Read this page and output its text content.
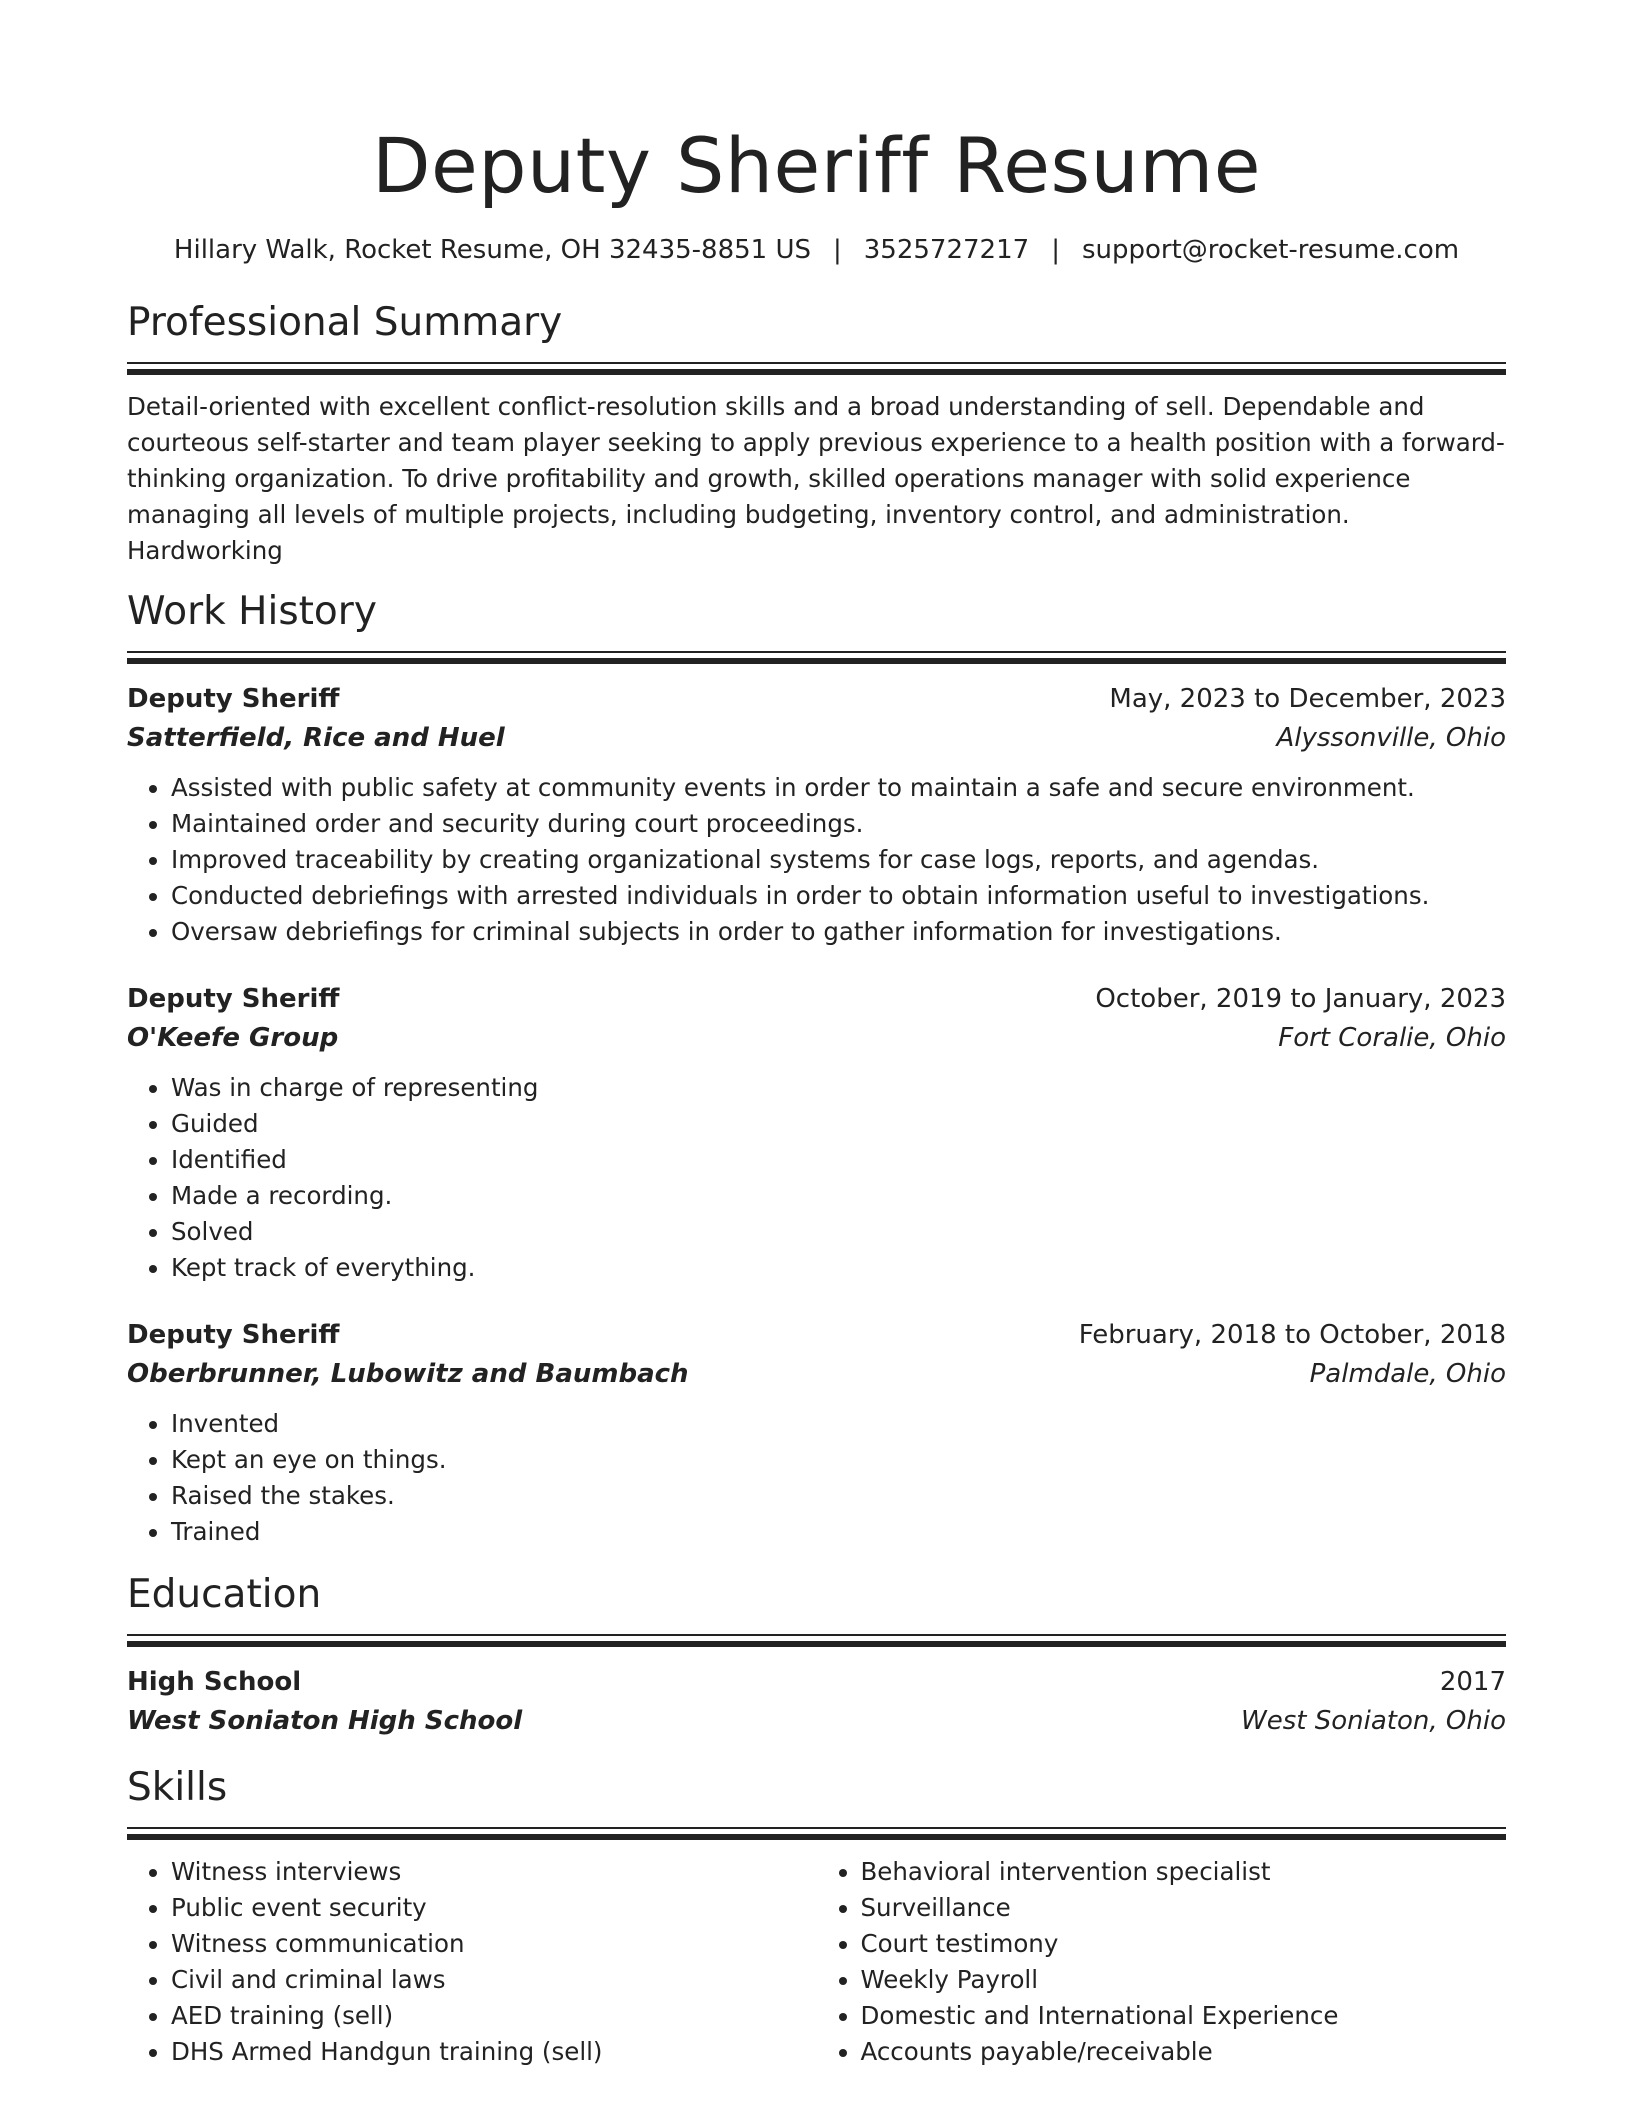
Deputy Sheriff Resume
Hillary Walk, Rocket Resume, OH 32435-8851 US | 3525727217 | support@rocket-resume.com
Professional Summary
Detail-oriented with excellent conflict-resolution skills and a broad understanding of sell. Dependable and courteous self-starter and team player seeking to apply previous experience to a health position with a forward-thinking organization. To drive profitability and growth, skilled operations manager with solid experience managing all levels of multiple projects, including budgeting, inventory control, and administration. Hardworking
Work History
Deputy Sheriff	May, 2023 to December, 2023
Satterfield, Rice and Huel	Alyssonville, Ohio
• Assisted with public safety at community events in order to maintain a safe and secure environment.
• Maintained order and security during court proceedings.
• Improved traceability by creating organizational systems for case logs, reports, and agendas.
• Conducted debriefings with arrested individuals in order to obtain information useful to investigations.
• Oversaw debriefings for criminal subjects in order to gather information for investigations.
Deputy Sheriff	October, 2019 to January, 2023
O'Keefe Group	Fort Coralie, Ohio
• Was in charge of representing
• Guided
• Identified
• Made a recording.
• Solved
• Kept track of everything.
Deputy Sheriff	February, 2018 to October, 2018
Oberbrunner, Lubowitz and Baumbach	Palmdale, Ohio
• Invented
• Kept an eye on things.
• Raised the stakes.
• Trained
Education
High School	2017
West Soniaton High School	West Soniaton, Ohio
Skills
• Witness interviews
• Public event security
• Witness communication
• Civil and criminal laws
• AED training (sell)
• DHS Armed Handgun training (sell)
• Behavioral intervention specialist
• Surveillance
• Court testimony
• Weekly Payroll
• Domestic and International Experience
• Accounts payable/receivable
